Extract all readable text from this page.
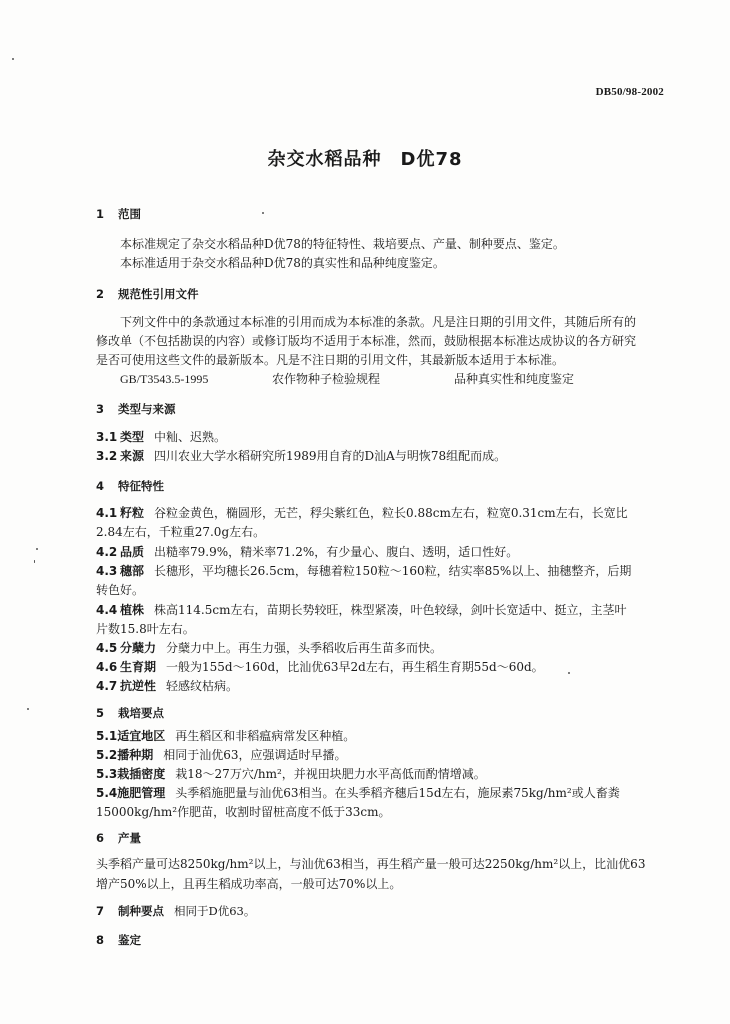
DB50/98-2002
杂交水稻品种　D优78
1 范围
本标准规定了杂交水稻品种D优78的特征特性、栽培要点、产量、制种要点、鉴定。
本标准适用于杂交水稻品种D优78的真实性和品种纯度鉴定。
2 规范性引用文件
下列文件中的条款通过本标准的引用而成为本标准的条款。凡是注日期的引用文件，其随后所有的
修改单（不包括勘误的内容）或修订版均不适用于本标准，然而，鼓励根据本标准达成协议的各方研究
是否可使用这些文件的最新版本。凡是不注日期的引用文件，其最新版本适用于本标准。
GB/T3543.5-1995	农作物种子检验规程	品种真实性和纯度鉴定
3 类型与来源
3.1 类型 中籼、迟熟。
3.2 来源 四川农业大学水稻研究所1989用自育的D汕A与明恢78组配而成。
4 特征特性
4.1 籽粒 谷粒金黄色，椭圆形，无芒，稃尖紫红色，粒长0.88cm左右，粒宽0.31cm左右，长宽比
2.84左右，千粒重27.0g左右。
4.2 品质 出糙率79.9%，精米率71.2%，有少量心、腹白、透明，适口性好。
4.3 穗部 长穗形，平均穗长26.5cm，每穗着粒150粒～160粒，结实率85%以上、抽穗整齐，后期
转色好。
4.4 植株 株高114.5cm左右，苗期长势较旺，株型紧凑，叶色较绿，剑叶长宽适中、挺立，主茎叶
片数15.8叶左右。
4.5 分蘖力 分蘖力中上。再生力强，头季稻收后再生苗多而快。
4.6 生育期 一般为155d～160d，比汕优63早2d左右，再生稻生育期55d～60d。
4.7 抗逆性 轻感纹枯病。
5 栽培要点
5.1适宜地区 再生稻区和非稻瘟病常发区种植。
5.2播种期 相同于汕优63，应强调适时早播。
5.3栽插密度 栽18～27万穴/hm²，并视田块肥力水平高低而酌情增减。
5.4施肥管理 头季稻施肥量与汕优63相当。在头季稻齐穗后15d左右，施尿素75kg/hm²或人畜粪
15000kg/hm²作肥苗，收割时留桩高度不低于33cm。
6 产量
头季稻产量可达8250kg/hm²以上，与汕优63相当，再生稻产量一般可达2250kg/hm²以上，比汕优63
增产50%以上，且再生稻成功率高，一般可达70%以上。
7 制种要点 相同于D优63。
8 鉴定
